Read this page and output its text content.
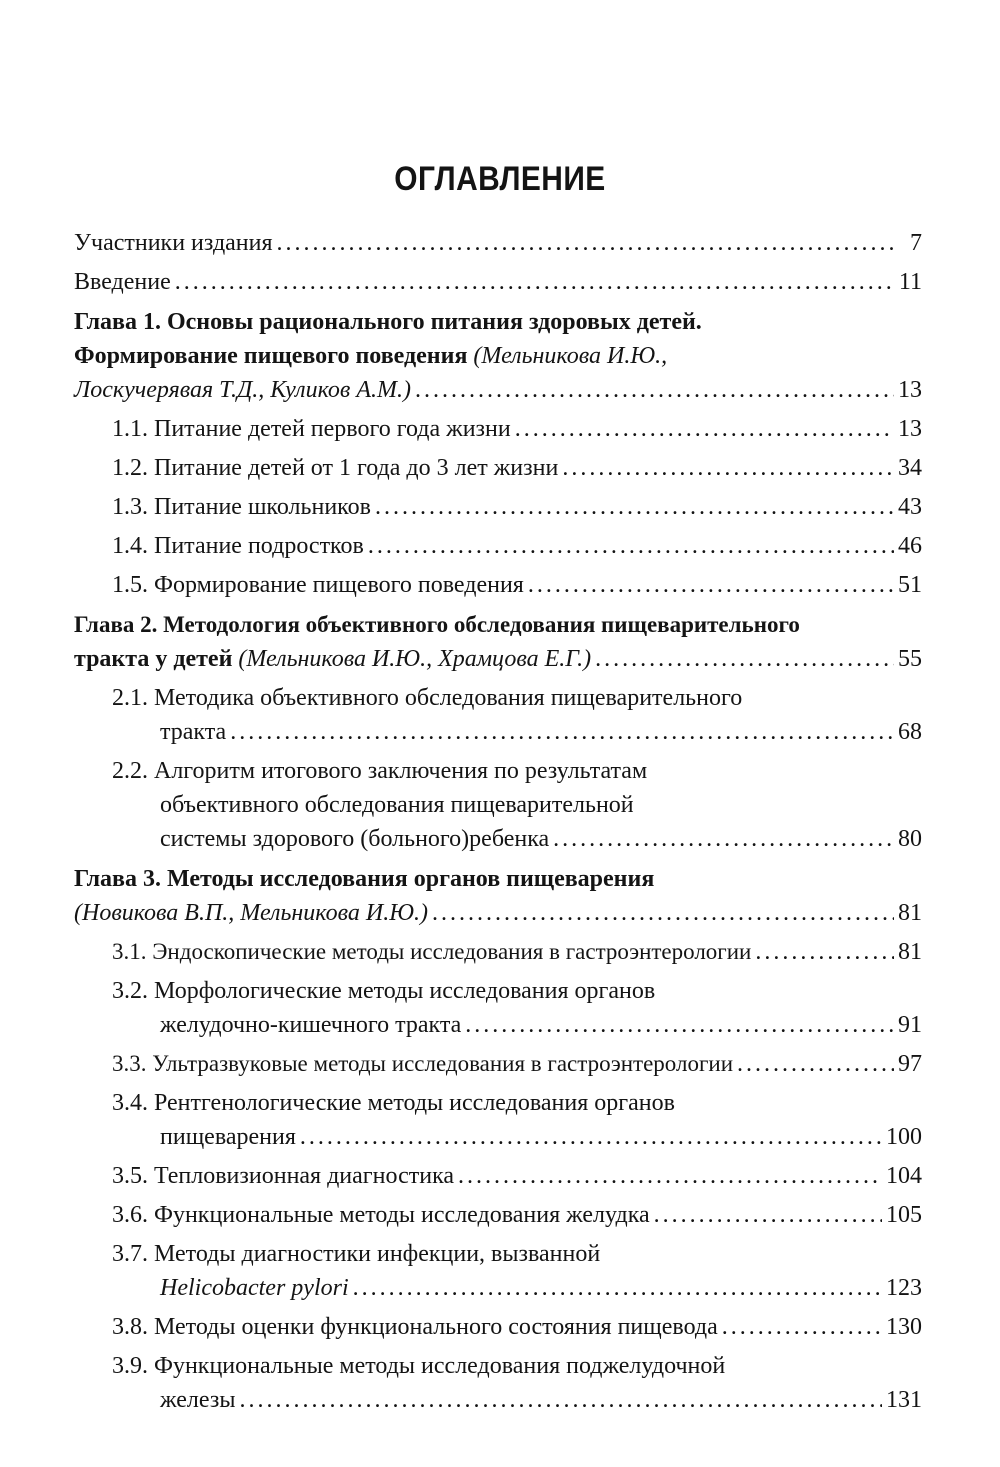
ОГЛАВЛЕНИЕ
Участники издания .....	7
Введение .....	11
Глава 1. Основы рационального питания здоровых детей.
Формирование пищевого поведения (Мельникова И.Ю.,
Лоскучерявая Т.Д., Куликов А.М.) .....	13
1.1. Питание детей первого года жизни .....	13
1.2. Питание детей от 1 года до 3 лет жизни .....	34
1.3. Питание школьников .....	43
1.4. Питание подростков .....	46
1.5. Формирование пищевого поведения .....	51
Глава 2. Методология объективного обследования пищеварительного
тракта у детей (Мельникова И.Ю., Храмцова Е.Г.) .....	55
2.1. Методика объективного обследования пищеварительного
тракта .....	68
2.2. Алгоритм итогового заключения по результатам
объективного обследования пищеварительной
системы здорового (больного)ребенка .....	80
Глава 3. Методы исследования органов пищеварения
(Новикова В.П., Мельникова И.Ю.) .....	81
3.1. Эндоскопические методы исследования в гастроэнтерологии .....	81
3.2. Морфологические методы исследования органов
желудочно-кишечного тракта .....	91
3.3. Ультразвуковые методы исследования в гастроэнтерологии .....	97
3.4. Рентгенологические методы исследования органов
пищеварения .....	100
3.5. Тепловизионная диагностика .....	104
3.6. Функциональные методы исследования желудка .....	105
3.7. Методы диагностики инфекции, вызванной
Helicobacter pylori .....	123
3.8. Методы оценки функционального состояния пищевода .....	130
3.9. Функциональные методы исследования поджелудочной
железы .....	131
